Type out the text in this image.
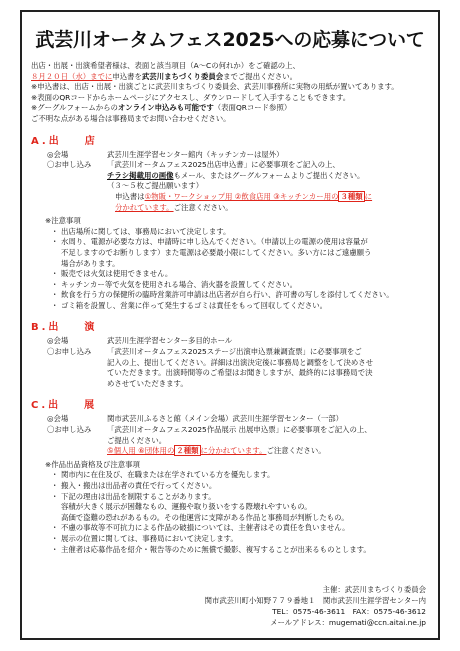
武芸川オータムフェス2025への応募について

出店・出展・出演希望者様は、表面と該当項目（A〜Cの何れか）をご確認の上、

８月２０日（水）までに申込書を武芸川まちづくり委員会までご提出ください。

※申込書は、出店・出展・出演ごとに武芸川まちづくり委員会、武芸川事務所に実物の用紙が置いてあります。

※表面のQRコードからホームページにアクセスし、ダウンロードして入手することもできます。

※グーグルフォームからのオンライン申込みも可能です（表面QRコード参照）

ご不明な点がある場合は事務局までお問い合わせください。

A.出　店
◎会場	武芸川生涯学習センター館内（キッチンカーは屋外）
〇お申し込み	「武芸川オータムフェス2025出店申込書」に必要事項をご記入の上、

チラシ掲載用の画像もメール、またはグーグルフォームよりご提出ください。

（３〜５枚ご提出願います）

申込書は①物販・ワークショップ用 ②飲食店用 ③キッチンカー用の ３種類 に

分かれています。ご注意ください。

※注意事項

・ 出店場所に関しては、事務局において決定します。
・ 水周り、電源が必要な方は、申請時に申し込んでください。（申請以上の電源の使用は容量が

不足しますのでお断りします）また電源は必要最小限にしてください。多い方にはご遠慮願う

場合があります。

・ 販売では火気は使用できません。
・ キッチンカー等で火気を使用される場合、消火器を設置してください。
・ 飲食を行う方の保健所の臨時営業許可申請は出店者が自ら行い、許可書の写しを添付してください。
・ ゴミ箱を設置し、営業に伴って発生するゴミは責任をもって回収してください。
B.出　演
◎会場	武芸川生涯学習センター多目的ホール
〇お申し込み	「武芸川オータムフェス2025ステージ出演申込票兼調査票」に必要事項をご

記入の上、提出してください。詳細は出演決定後に事務局と調整をして決めさせ

ていただきます。出演時間等のご希望はお聞きしますが、最終的には事務局で決

めさせていただきます。

C.出　展
◎会場	関市武芸川ふるさと館（メイン会場）武芸川生涯学習センター（一部）
〇お申し込み	「武芸川オータムフェス2025作品展示 出展申込票」に必要事項をご記入の上、

ご提出ください。

⑤個人用 ⑥団体用の ２種類 に分かれています。ご注意ください。

※作品出品資格及び注意事項

・ 関市内に在住及び、在職または在学されている方を優先します。
・ 搬入・搬出は出品者の責任で行ってください。
・ 下記の理由は出品を制限することがあります。

容積が大きく展示が困難なもの、運搬や取り扱いをする際壊れやすいもの。

高価で盗難の恐れがあるもの。その他運営に支障がある作品と事務局が判断したもの。

・ 不慮の事故等不可抗力による作品の破損については、主催者はその責任を負いません。
・ 展示の位置に関しては、事務局において決定します。
・ 主催者は応募作品を紹介・報告等のために無償で撮影、複写することが出来るものとします。

主催：武芸川まちづくり委員会

関市武芸川町小知野７７９番地１　関市武芸川生涯学習センター内

TEL：0575-46-3611　FAX：0575-46-3612

メールアドレス：mugemati@ccn.aitai.ne.jp
